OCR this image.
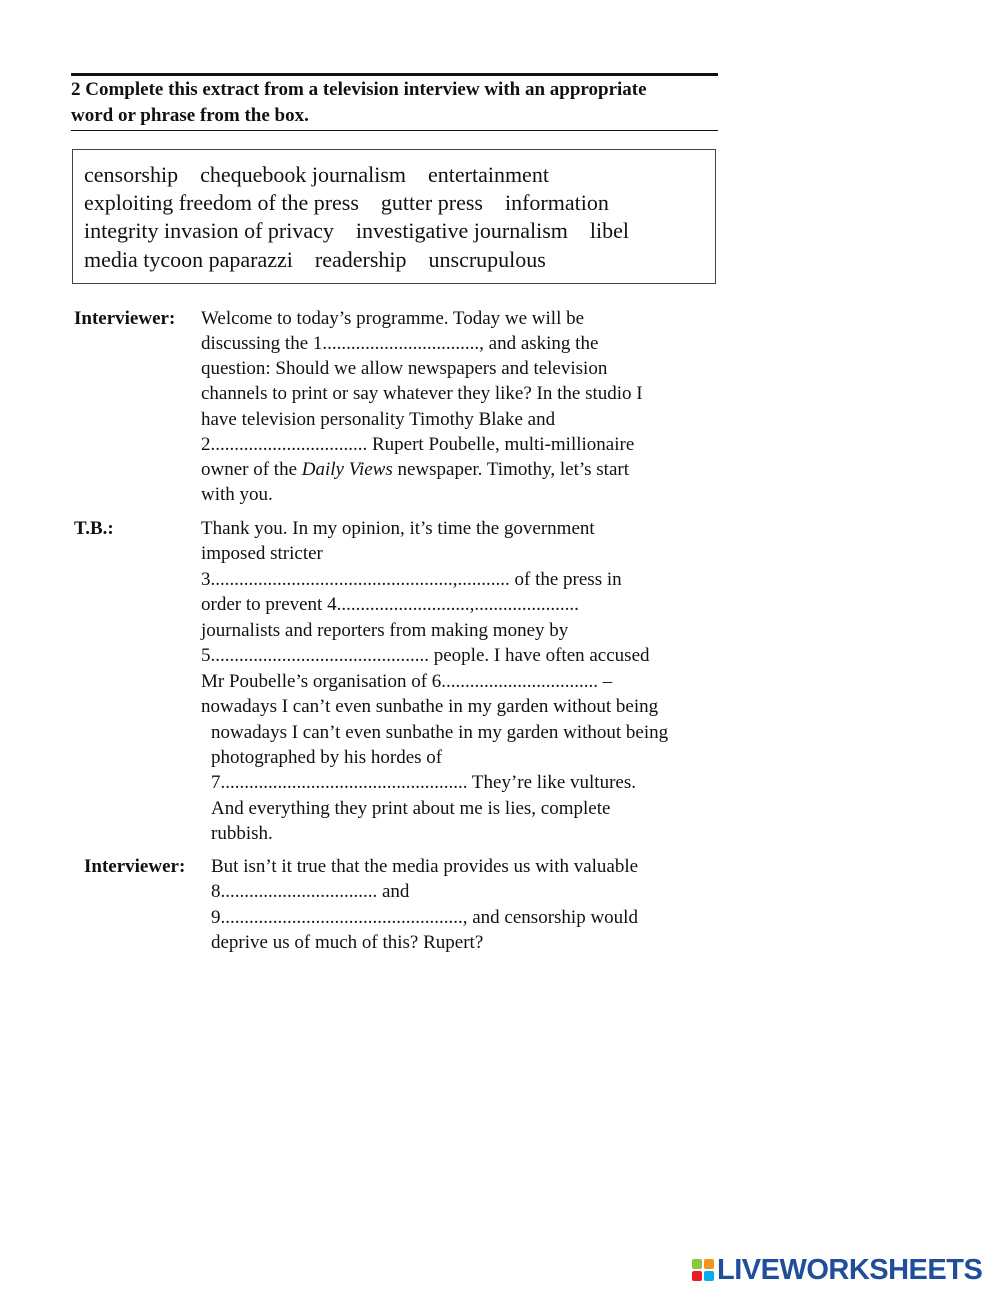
2 Complete this extract from a television interview with an appropriate
word or phrase from the box.
censorship    chequebook journalism    entertainment
exploiting freedom of the press    gutter press    information
integrity invasion of privacy    investigative journalism    libel
media tycoon paparazzi    readership    unscrupulous
Interviewer: Welcome to today’s programme. Today we will be
discussing the 1................................., and asking the
question: Should we allow newspapers and television
channels to print or say whatever they like? In the studio I
have television personality Timothy Blake and
2................................. Rupert Poubelle, multi-millionaire
owner of the Daily Views newspaper. Timothy, let’s start
with you.
T.B.:	Thank you. In my opinion, it’s time the government
imposed stricter
3...................................................,........... of the press in
order to prevent 4............................,......................
journalists and reporters from making money by
5.............................................. people. I have often accused
Mr Poubelle’s organisation of 6................................. –
nowadays I can’t even sunbathe in my garden without being
nowadays I can’t even sunbathe in my garden without being
photographed by his hordes of
7.................................................... They’re like vultures.
And everything they print about me is lies, complete
rubbish.
Interviewer: But isn’t it true that the media provides us with valuable
8................................. and
9..................................................., and censorship would
deprive us of much of this? Rupert?
LIVEWORKSHEETS
